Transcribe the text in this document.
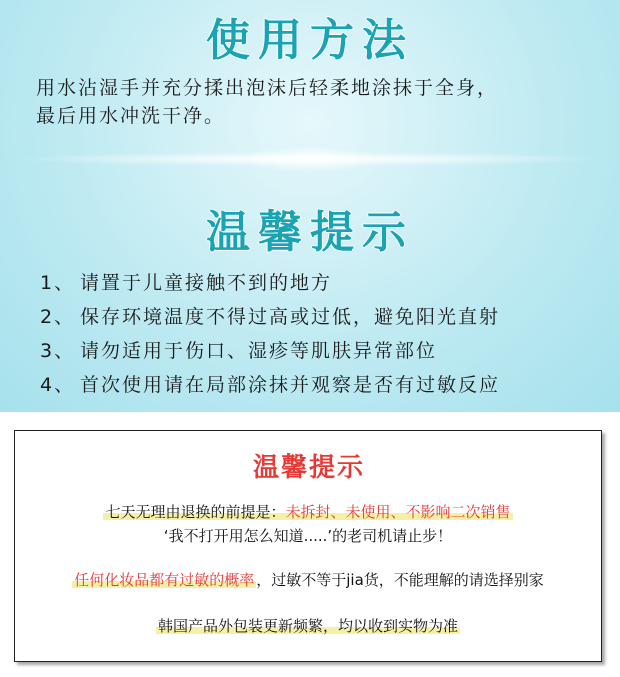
使用方法
用水沾湿手并充分揉出泡沫后轻柔地涂抹于全身，
最后用水冲洗干净。
温馨提示
1、 请置于儿童接触不到的地方
2、 保存环境温度不得过高或过低，避免阳光直射
3、 请勿适用于伤口、湿疹等肌肤异常部位
4、 首次使用请在局部涂抹并观察是否有过敏反应
温馨提示
七天无理由退换的前提是：未拆封、未使用、不影响二次销售
‘我不打开用怎么知道.....’的老司机请止步！
任何化妆品都有过敏的概率 ，过敏不等于jia货，不能理解的请选择别家
韩国产品外包装更新频繁，均以收到实物为准
